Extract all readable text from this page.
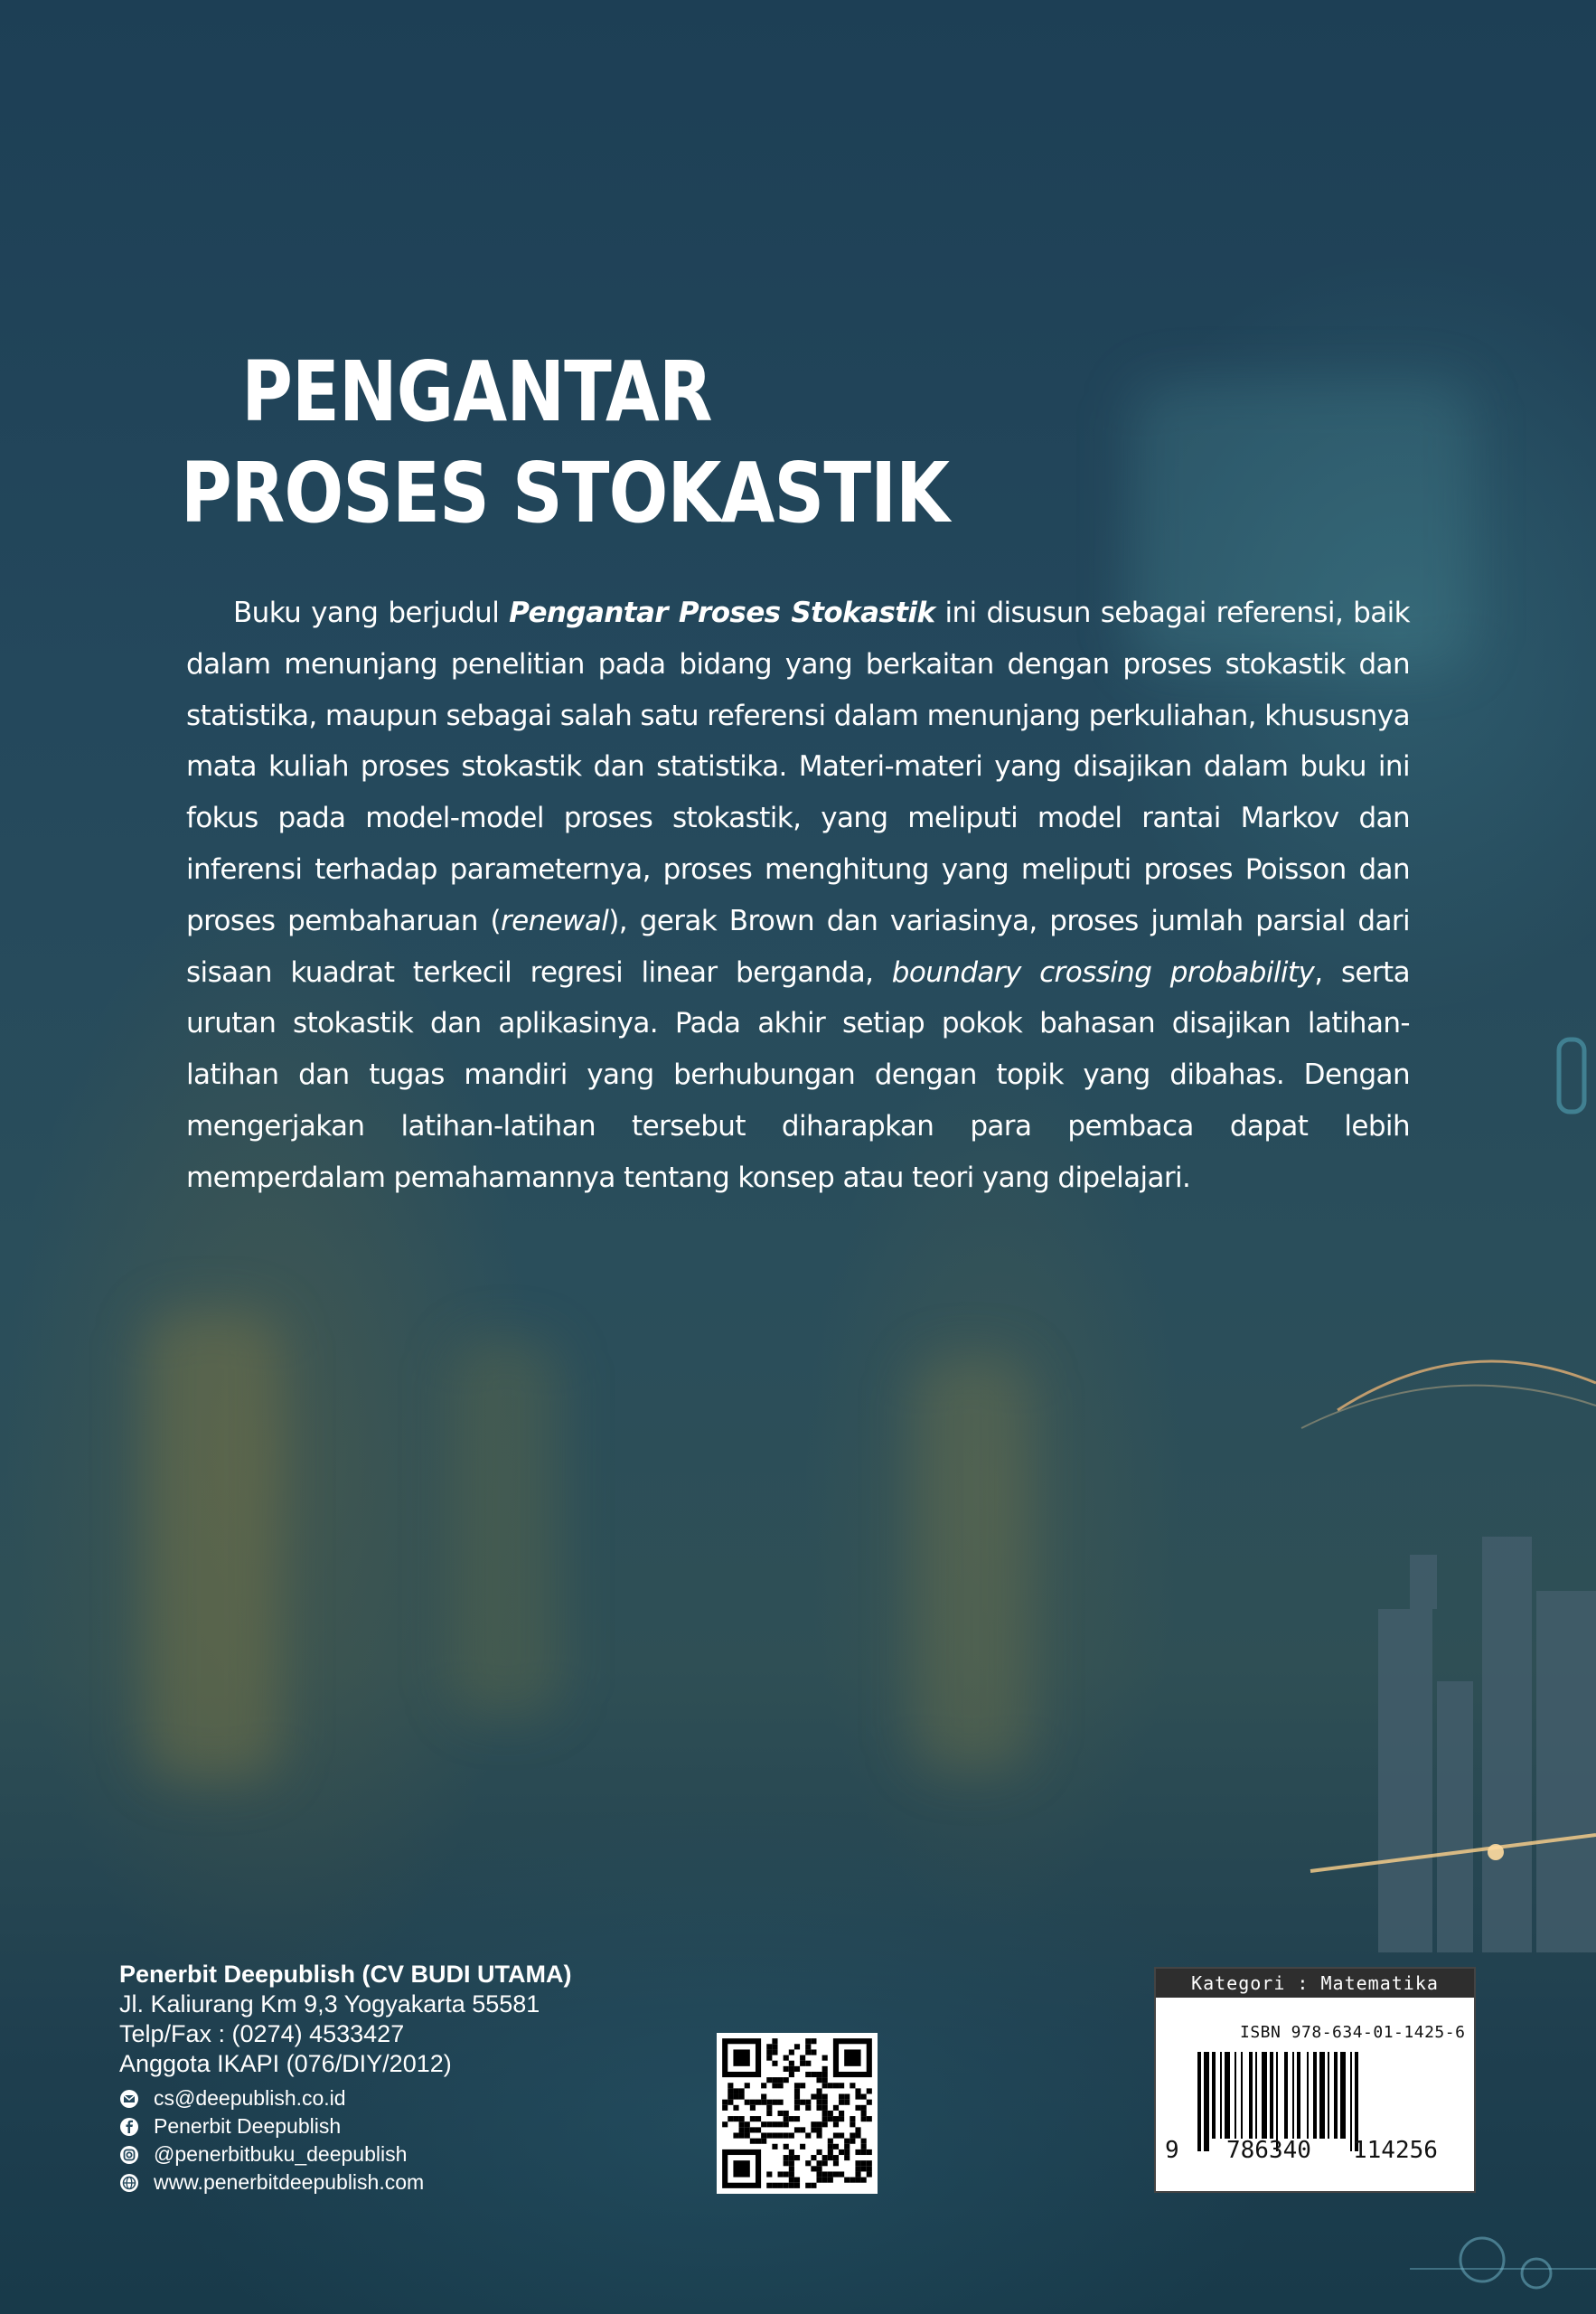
PENGANTAR
PROSES STOKASTIK

Buku yang berjudul Pengantar Proses Stokastik ini disusun sebagai referensi, baik dalam menunjang penelitian pada bidang yang berkaitan dengan proses stokastik dan statistika, maupun sebagai salah satu referensi dalam menunjang perkuliahan, khususnya mata kuliah proses stokastik dan statistika. Materi-materi yang disajikan dalam buku ini fokus pada model-model proses stokastik, yang meliputi model rantai Markov dan inferensi terhadap parameternya, proses menghitung yang meliputi proses Poisson dan proses pembaharuan (renewal), gerak Brown dan variasinya, proses jumlah parsial dari sisaan kuadrat terkecil regresi linear berganda, boundary crossing probability, serta urutan stokastik dan aplikasinya. Pada akhir setiap pokok bahasan disajikan latihan-latihan dan tugas mandiri yang berhubungan dengan topik yang dibahas. Dengan mengerjakan latihan-latihan tersebut diharapkan para pembaca dapat lebih memperdalam pemahamannya tentang konsep atau teori yang dipelajari.

Penerbit Deepublish (CV BUDI UTAMA)
Jl. Kaliurang Km 9,3 Yogyakarta 55581
Telp/Fax : (0274) 4533427
Anggota IKAPI (076/DIY/2012)
cs@deepublish.co.id
Penerbit Deepublish
@penerbitbuku_deepublish
www.penerbitdeepublish.com
Kategori : Matematika
ISBN 978-634-01-1425-6
9 786340 114256
